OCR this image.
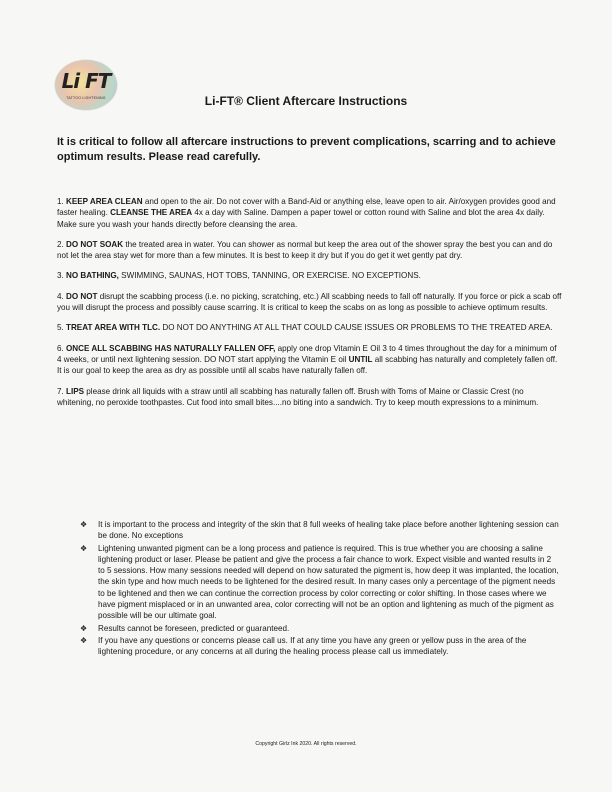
Li FT
TATTOO LIGHTENING	Li-FT® Client Aftercare Instructions
It is critical to follow all aftercare instructions to prevent complications, scarring and to achieve optimum results. Please read carefully.
1. KEEP AREA CLEAN and open to the air. Do not cover with a Band-Aid or anything else, leave open to air. Air/oxygen provides good and faster healing. CLEANSE THE AREA 4x a day with Saline. Dampen a paper towel or cotton round with Saline and blot the area 4x daily. Make sure you wash your hands directly before cleansing the area.
2. DO NOT SOAK the treated area in water. You can shower as normal but keep the area out of the shower spray the best you can and do not let the area stay wet for more than a few minutes. It is best to keep it dry but if you do get it wet gently pat dry.
3. NO BATHING, SWIMMING, SAUNAS, HOT TOBS, TANNING, OR EXERCISE. NO EXCEPTIONS.
4. DO NOT disrupt the scabbing process (i.e. no picking, scratching, etc.) All scabbing needs to fall off naturally. If you force or pick a scab off you will disrupt the process and possibly cause scarring. It is critical to keep the scabs on as long as possible to achieve optimum results.
5. TREAT AREA WITH TLC. DO NOT DO ANYTHING AT ALL THAT COULD CAUSE ISSUES OR PROBLEMS TO THE TREATED AREA.
6. ONCE ALL SCABBING HAS NATURALLY FALLEN OFF, apply one drop Vitamin E Oil 3 to 4 times throughout the day for a minimum of 4 weeks, or until next lightening session. DO NOT start applying the Vitamin E oil UNTIL all scabbing has naturally and completely fallen off. It is our goal to keep the area as dry as possible until all scabs have naturally fallen off.
7. LIPS please drink all liquids with a straw until all scabbing has naturally fallen off. Brush with Toms of Maine or Classic Crest (no whitening, no peroxide toothpastes. Cut food into small bites....no biting into a sandwich. Try to keep mouth expressions to a minimum.
❖ It is important to the process and integrity of the skin that 8 full weeks of healing take place before another lightening session can be done. No exceptions
❖ Lightening unwanted pigment can be a long process and patience is required. This is true whether you are choosing a saline lightening product or laser. Please be patient and give the process a fair chance to work. Expect visible and wanted results in 2 to 5 sessions. How many sessions needed will depend on how saturated the pigment is, how deep it was implanted, the location, the skin type and how much needs to be lightened for the desired result. In many cases only a percentage of the pigment needs to be lightened and then we can continue the correction process by color correcting or color shifting. In those cases where we have pigment misplaced or in an unwanted area, color correcting will not be an option and lightening as much of the pigment as possible will be our ultimate goal.
❖ Results cannot be foreseen, predicted or guaranteed.
❖ If you have any questions or concerns please call us. If at any time you have any green or yellow puss in the area of the lightening procedure, or any concerns at all during the healing process please call us immediately.
Copyright Girlz Ink 2020. All rights reserved.
